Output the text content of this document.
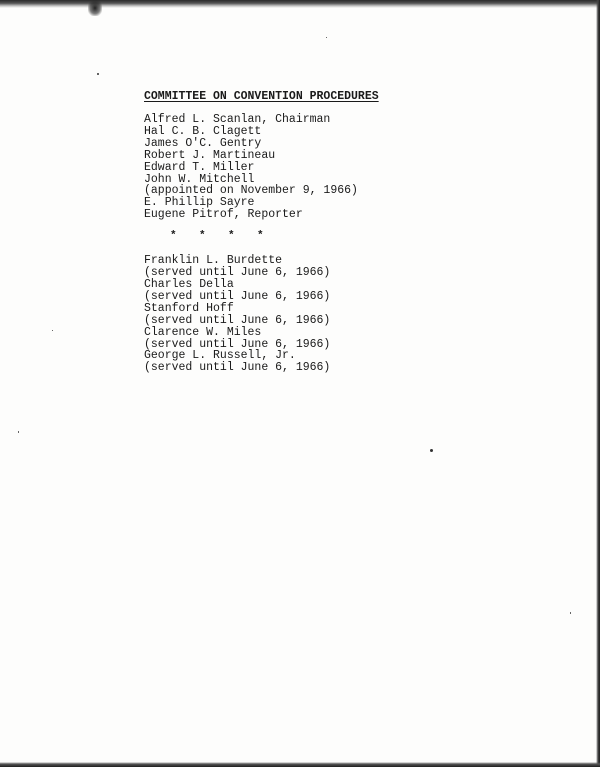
COMMITTEE ON CONVENTION PROCEDURES
Alfred L. Scanlan, Chairman
Hal C. B. Clagett
James O'C. Gentry
Robert J. Martineau
Edward T. Miller
John W. Mitchell
(appointed on November 9, 1966)
E. Phillip Sayre
Eugene Pitrof, Reporter
*	*	*	*
Franklin L. Burdette
(served until June 6, 1966)
Charles Della
(served until June 6, 1966)
Stanford Hoff
(served until June 6, 1966)
Clarence W. Miles
(served until June 6, 1966)
George L. Russell, Jr.
(served until June 6, 1966)
